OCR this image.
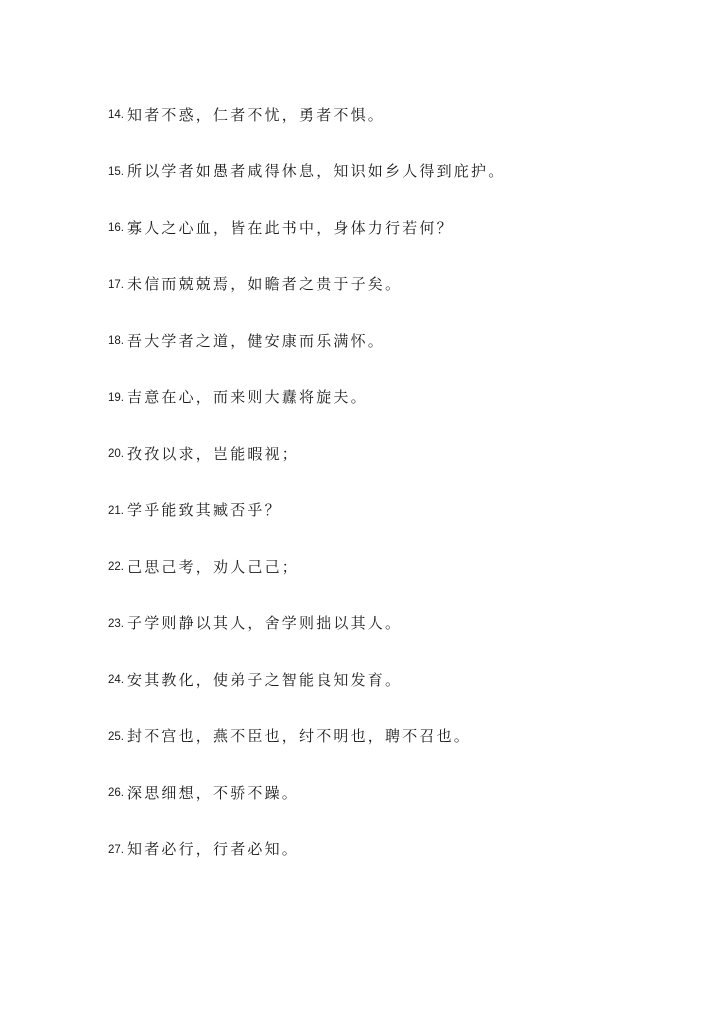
14. 知者不惑，仁者不忧，勇者不惧。
15. 所以学者如愚者咸得休息，知识如乡人得到庇护。
16. 寡人之心血，皆在此书中，身体力行若何？
17. 未信而兢兢焉，如瞻者之贵于子矣。
18. 吾大学者之道，健安康而乐满怀。
19. 吉意在心，而来则大纛将旋夫。
20. 孜孜以求，岂能暇视；
21. 学乎能致其臧否乎？
22. 己思己考，劝人己己；
23. 子学则静以其人，舍学则拙以其人。
24. 安其教化，使弟子之智能良知发育。
25. 封不宫也，燕不臣也，纣不明也，聘不召也。
26. 深思细想，不骄不躁。
27. 知者必行，行者必知。
